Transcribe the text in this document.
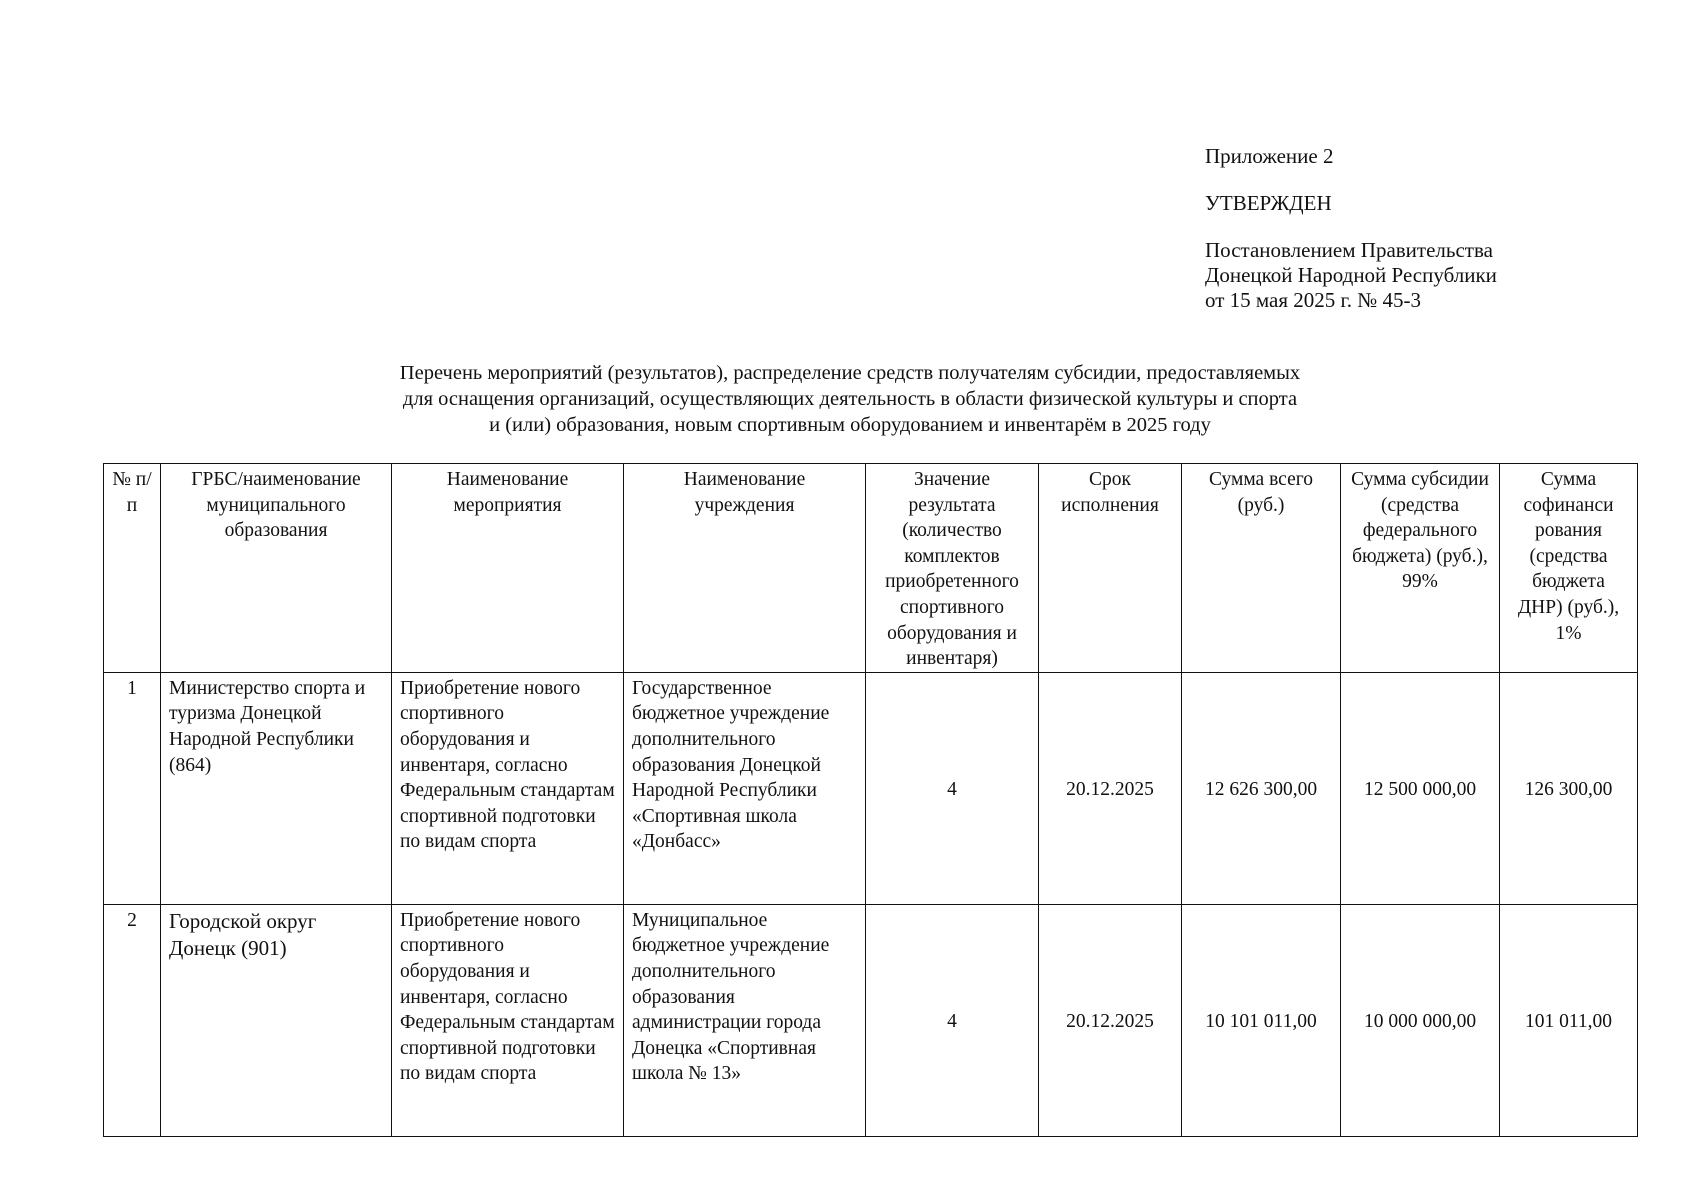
Приложение 2

УТВЕРЖДЕН

Постановлением Правительства
Донецкой Народной Республики
от 15 мая 2025 г. № 45-3
Перечень мероприятий (результатов), распределение средств получателям субсидии, предоставляемых
для оснащения организаций, осуществляющих деятельность в области физической культуры и спорта
и (или) образования, новым спортивным оборудованием и инвентарём в 2025 году
№ п/п	ГРБС/наименование муниципального образования	Наименование мероприятия	Наименование учреждения	Значение результата (количество комплектов приобретенного спортивного оборудования и инвентаря)	Срок исполнения	Сумма всего (руб.)	Сумма субсидии (средства федерального бюджета) (руб.), 99%	Сумма софинанси рования (средства бюджета ДНР) (руб.), 1%
1	Министерство спорта и туризма Донецкой Народной Республики (864)	Приобретение нового спортивного оборудования и инвентаря, согласно Федеральным стандартам спортивной подготовки по видам спорта	Государственное бюджетное учреждение дополнительного образования Донецкой Народной Республики «Спортивная школа «Донбасс»	4	20.12.2025	12 626 300,00	12 500 000,00	126 300,00
2	Городской округ Донецк (901)	Приобретение нового спортивного оборудования и инвентаря, согласно Федеральным стандартам спортивной подготовки по видам спорта	Муниципальное бюджетное учреждение дополнительного образования администрации города Донецка «Спортивная школа № 13»	4	20.12.2025	10 101 011,00	10 000 000,00	101 011,00
